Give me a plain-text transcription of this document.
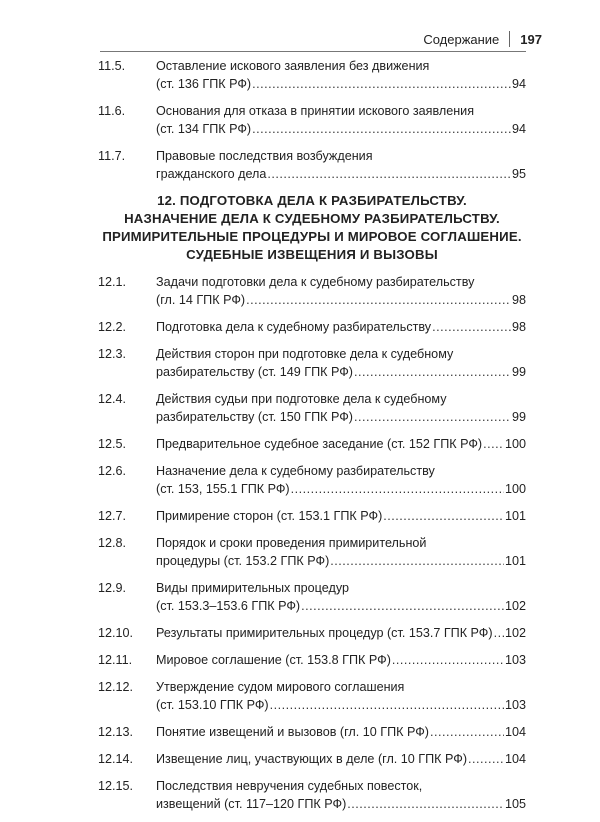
Содержание 197
11.5.	Оставление искового заявления без движения
(ст. 136 ГПК РФ) .....	94
11.6.	Основания для отказа в принятии искового заявления
(ст. 134 ГПК РФ) .....	94
11.7.	Правовые последствия возбуждения
гражданского дела .....	95
12. ПОДГОТОВКА ДЕЛА К РАЗБИРАТЕЛЬСТВУ.
НАЗНАЧЕНИЕ ДЕЛА К СУДЕБНОМУ РАЗБИРАТЕЛЬСТВУ.
ПРИМИРИТЕЛЬНЫЕ ПРОЦЕДУРЫ И МИРОВОЕ СОГЛАШЕНИЕ.
СУДЕБНЫЕ ИЗВЕЩЕНИЯ И ВЫЗОВЫ
12.1.	Задачи подготовки дела к судебному разбирательству
(гл. 14 ГПК РФ) .....	98
12.2.	Подготовка дела к судебному разбирательству .....	98
12.3.	Действия сторон при подготовке дела к судебному
разбирательству (ст. 149 ГПК РФ) .....	99
12.4.	Действия судьи при подготовке дела к судебному
разбирательству (ст. 150 ГПК РФ) .....	99
12.5.	Предварительное судебное заседание (ст. 152 ГПК РФ) ..... 100
12.6.	Назначение дела к судебному разбирательству
(ст. 153, 155.1 ГПК РФ) .....	100
12.7.	Примирение сторон (ст. 153.1 ГПК РФ) .....	101
12.8.	Порядок и сроки проведения примирительной
процедуры (ст. 153.2 ГПК РФ) .....	101
12.9.	Виды примирительных процедур
(ст. 153.3–153.6 ГПК РФ) .....	102
12.10.	Результаты примирительных процедур (ст. 153.7 ГПК РФ) ..... 102
12.11.	Мировое соглашение (ст. 153.8 ГПК РФ) .....	103
12.12.	Утверждение судом мирового соглашения
(ст. 153.10 ГПК РФ) .....	103
12.13.	Понятие извещений и вызовов (гл. 10 ГПК РФ) .....	104
12.14.	Извещение лиц, участвующих в деле (гл. 10 ГПК РФ) .....	104
12.15.	Последствия невручения судебных повесток,
извещений (ст. 117–120 ГПК РФ) .....	105
